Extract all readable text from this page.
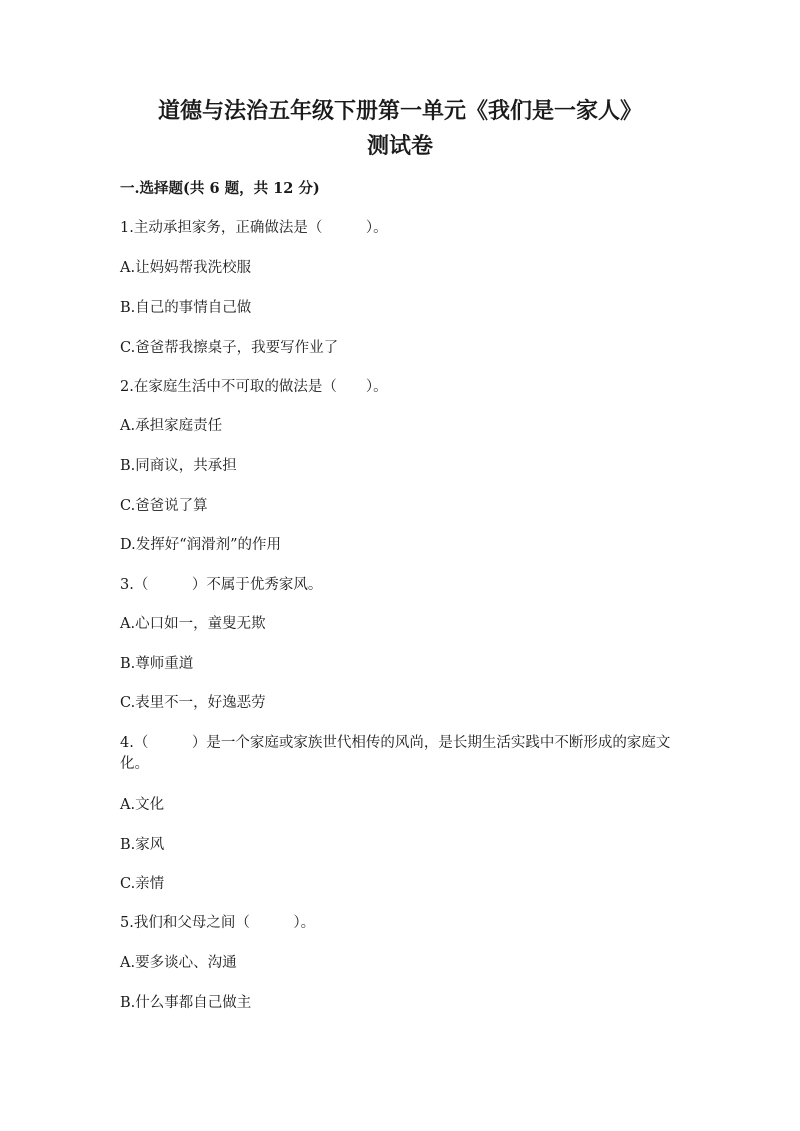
道德与法治五年级下册第一单元《我们是一家人》
测试卷

一.选择题(共 6 题，共 12 分)

1.主动承担家务，正确做法是（　　　）。

A.让妈妈帮我洗校服

B.自己的事情自己做

C.爸爸帮我擦桌子，我要写作业了

2.在家庭生活中不可取的做法是（　　）。

A.承担家庭责任

B.同商议，共承担

C.爸爸说了算

D.发挥好“润滑剂”的作用

3.（　　　）不属于优秀家风。

A.心口如一，童叟无欺

B.尊师重道

C.表里不一，好逸恶劳

4.（　　　）是一个家庭或家族世代相传的风尚，是长期生活实践中不断形成的家庭文化。

A.文化

B.家风

C.亲情

5.我们和父母之间（　　　）。

A.要多谈心、沟通

B.什么事都自己做主
